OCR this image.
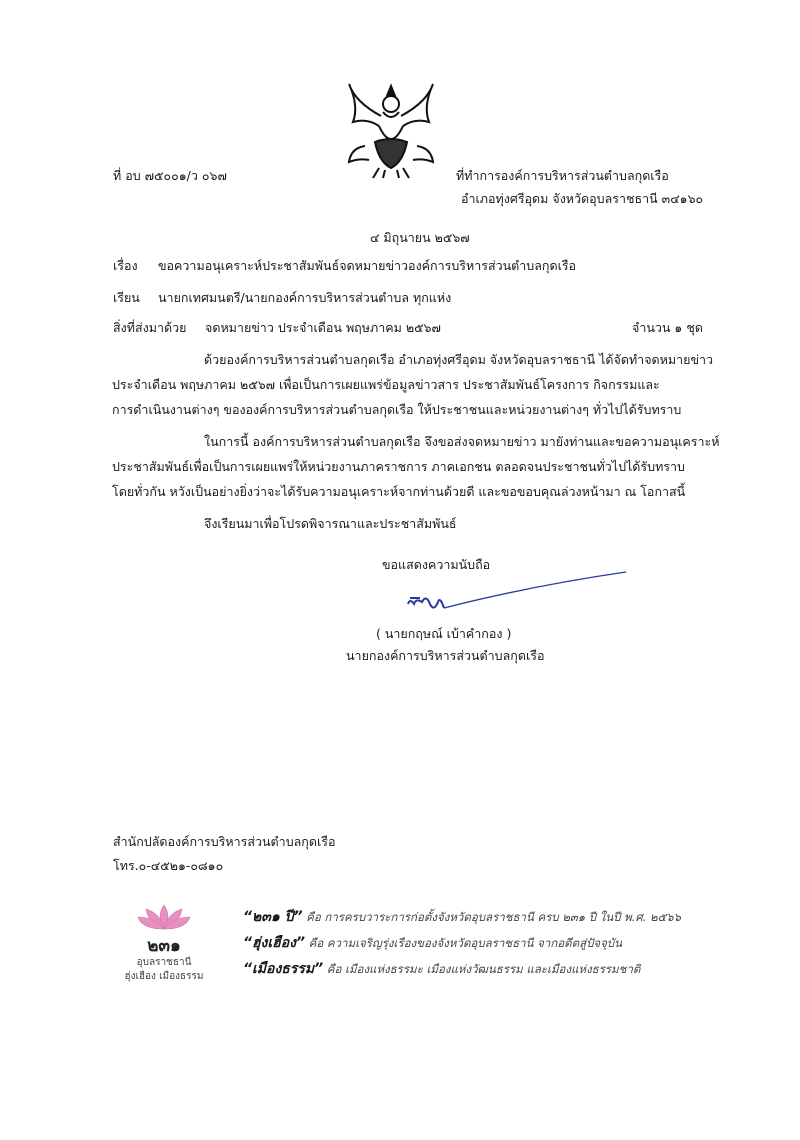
ที่ อบ ๗๕๐๐๑/ว ๐๖๗	ที่ทำการองค์การบริหารส่วนตำบลกุดเรือ
อำเภอทุ่งศรีอุดม จังหวัดอุบลราชธานี ๓๔๑๖๐
๔ มิถุนายน ๒๕๖๗
เรื่อง ขอความอนุเคราะห์ประชาสัมพันธ์จดหมายข่าวองค์การบริหารส่วนตำบลกุดเรือ
เรียน นายกเทศมนตรี/นายกองค์การบริหารส่วนตำบล ทุกแห่ง
สิ่งที่ส่งมาด้วย จดหมายข่าว ประจำเดือน พฤษภาคม ๒๕๖๗	จำนวน ๑ ชุด
ด้วยองค์การบริหารส่วนตำบลกุดเรือ อำเภอทุ่งศรีอุดม จังหวัดอุบลราชธานี ได้จัดทำจดหมายข่าว
ประจำเดือน พฤษภาคม ๒๕๖๗ เพื่อเป็นการเผยแพร่ข้อมูลข่าวสาร ประชาสัมพันธ์โครงการ กิจกรรมและ
การดำเนินงานต่างๆ ขององค์การบริหารส่วนตำบลกุดเรือ ให้ประชาชนและหน่วยงานต่างๆ ทั่วไปได้รับทราบ
ในการนี้ องค์การบริหารส่วนตำบลกุดเรือ จึงขอส่งจดหมายข่าว มายังท่านและขอความอนุเคราะห์
ประชาสัมพันธ์เพื่อเป็นการเผยแพร่ให้หน่วยงานภาคราชการ ภาคเอกชน ตลอดจนประชาชนทั่วไปได้รับทราบ
โดยทั่วกัน หวังเป็นอย่างยิ่งว่าจะได้รับความอนุเคราะห์จากท่านด้วยดี และขอขอบคุณล่วงหน้ามา ณ โอกาสนี้
จึงเรียนมาเพื่อโปรดพิจารณาและประชาสัมพันธ์
ขอแสดงความนับถือ
( นายกฤษณ์ เบ้าคำกอง )
นายกองค์การบริหารส่วนตำบลกุดเรือ
สำนักปลัดองค์การบริหารส่วนตำบลกุดเรือ
โทร.๐-๔๕๒๑-๐๘๑๐
๒๓๑
อุบลราชธานี
ฮุ่งเฮือง เมืองธรรม
“๒๓๑ ปี” คือ การครบวาระการก่อตั้งจังหวัดอุบลราชธานี ครบ ๒๓๑ ปี ในปี พ.ศ. ๒๕๖๖
“ฮุ่งเฮือง” คือ ความเจริญรุ่งเรืองของจังหวัดอุบลราชธานี จากอดีตสู่ปัจจุบัน
“เมืองธรรม” คือ เมืองแห่งธรรมะ เมืองแห่งวัฒนธรรม และเมืองแห่งธรรมชาติ
